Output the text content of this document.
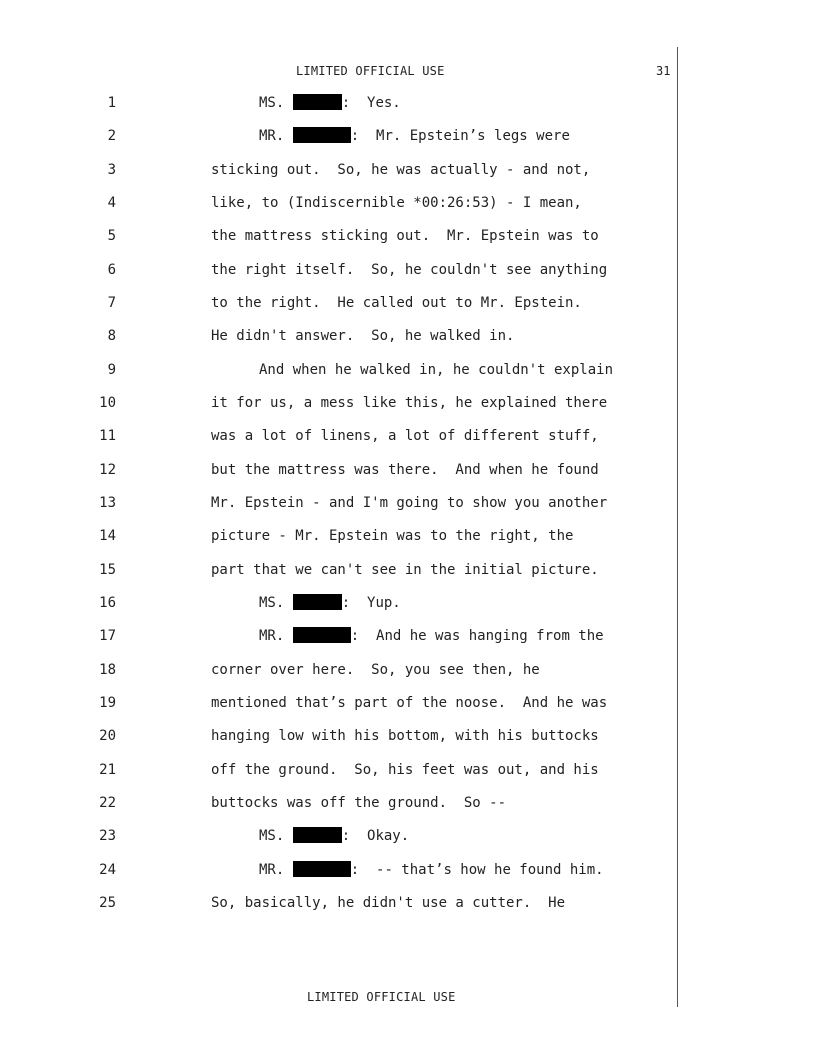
LIMITED OFFICIAL USE	31
1	MS.	:  Yes.
2	MR.	:  Mr. Epstein’s legs were
3	sticking out.  So, he was actually - and not,
4	like, to (Indiscernible *00:26:53) - I mean,
5	the mattress sticking out.  Mr. Epstein was to
6	the right itself.  So, he couldn't see anything
7	to the right.  He called out to Mr. Epstein.
8	He didn't answer.  So, he walked in.
9	And when he walked in, he couldn't explain
10	it for us, a mess like this, he explained there
11	was a lot of linens, a lot of different stuff,
12	but the mattress was there.  And when he found
13	Mr. Epstein - and I'm going to show you another
14	picture - Mr. Epstein was to the right, the
15	part that we can't see in the initial picture.
16	MS.	:  Yup.
17	MR.	:  And he was hanging from the
18	corner over here.  So, you see then, he
19	mentioned that’s part of the noose.  And he was
20	hanging low with his bottom, with his buttocks
21	off the ground.  So, his feet was out, and his
22	buttocks was off the ground.  So --
23	MS.	:  Okay.
24	MR.	:  -- that’s how he found him.
25	So, basically, he didn't use a cutter.  He
LIMITED OFFICIAL USE
